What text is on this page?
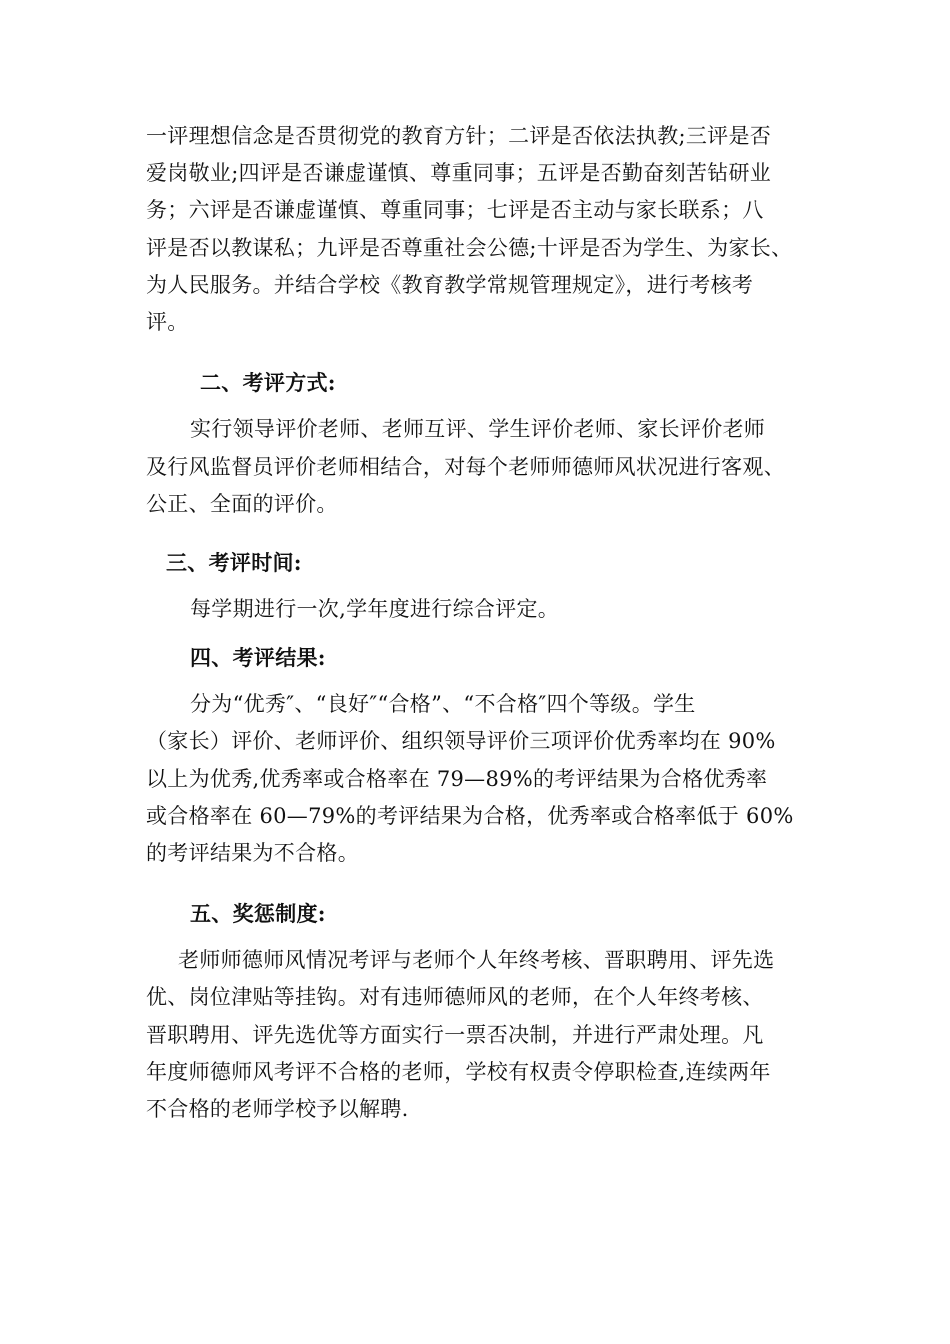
一评理想信念是否贯彻党的教育方针；二评是否依法执教;三评是否
爱岗敬业;四评是否谦虚谨慎、尊重同事；五评是否勤奋刻苦钻研业
务；六评是否谦虚谨慎、尊重同事；七评是否主动与家长联系；八
评是否以教谋私；九评是否尊重社会公德;十评是否为学生、为家长、
为人民服务。并结合学校《教育教学常规管理规定》，进行考核考
评。
二、考评方式:
实行领导评价老师、老师互评、学生评价老师、家长评价老师
及行风监督员评价老师相结合，对每个老师师德师风状况进行客观、
公正、全面的评价。
三、考评时间:
每学期进行一次,学年度进行综合评定。
四、考评结果:
分为“优秀″、“良好″“合格”、“不合格″四个等级。学生
（家长）评价、老师评价、组织领导评价三项评价优秀率均在 90%
以上为优秀,优秀率或合格率在 79—89%的考评结果为合格优秀率
或合格率在 60—79%的考评结果为合格，优秀率或合格率低于 60%
的考评结果为不合格。
五、奖惩制度:
老师师德师风情况考评与老师个人年终考核、晋职聘用、评先选
优、岗位津贴等挂钩。对有违师德师风的老师，在个人年终考核、
晋职聘用、评先选优等方面实行一票否决制，并进行严肃处理。凡
年度师德师风考评不合格的老师，学校有权责令停职检查,连续两年
不合格的老师学校予以解聘.
